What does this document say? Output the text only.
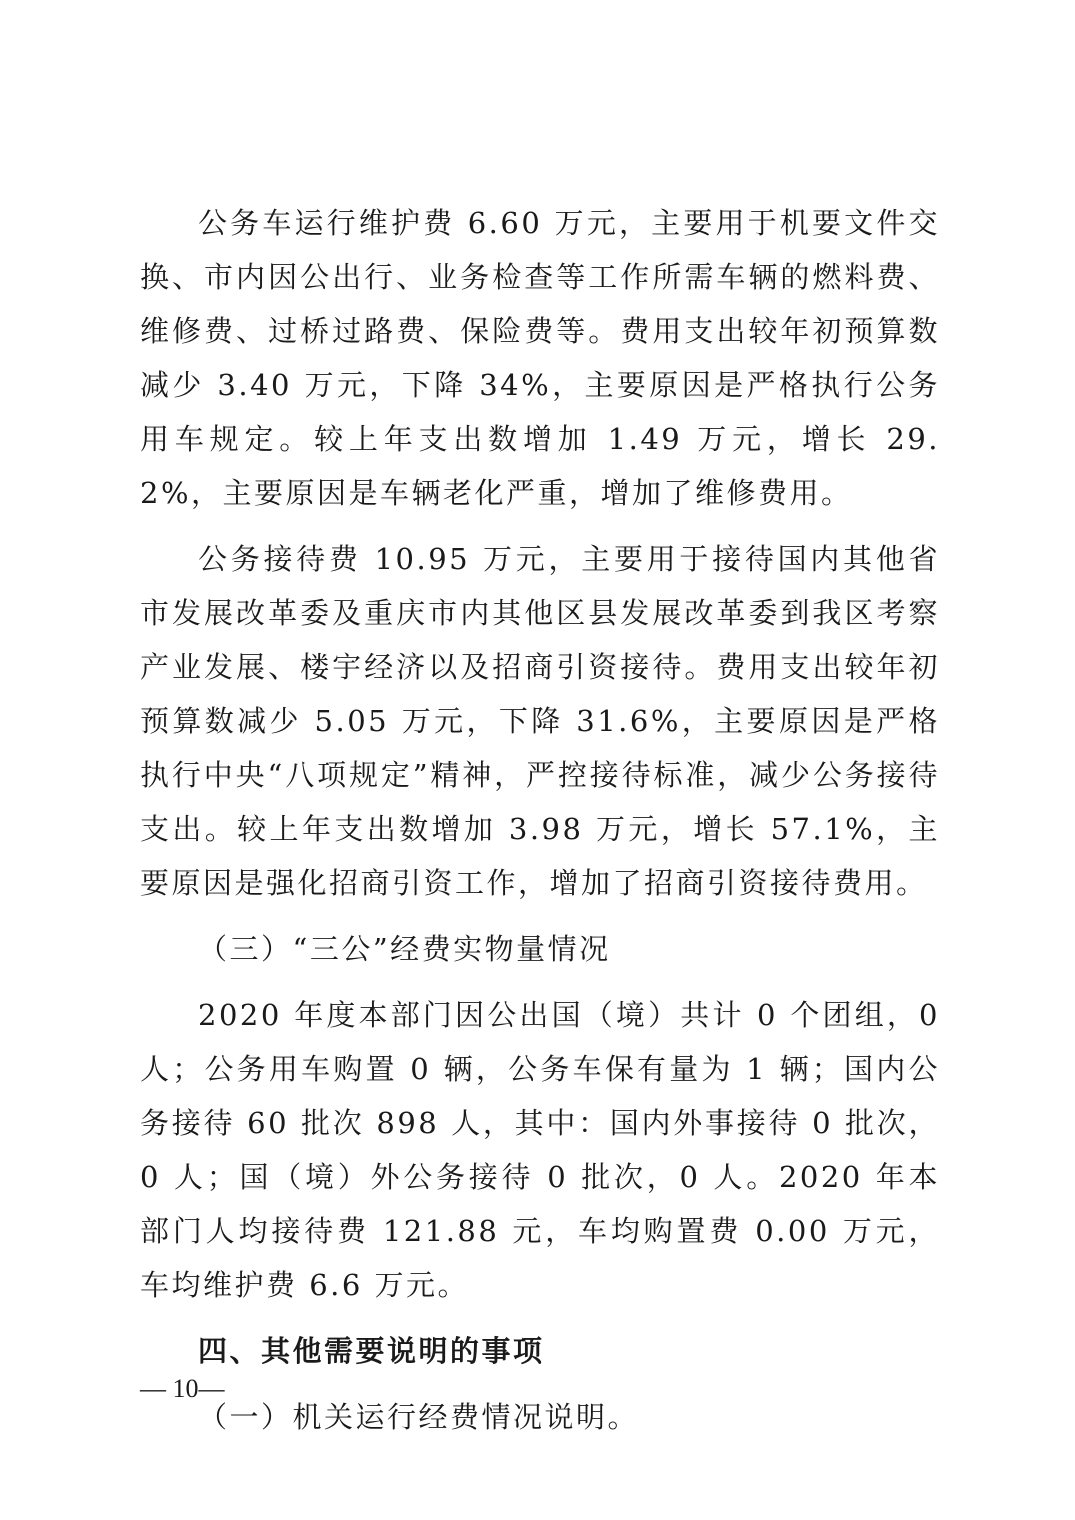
公务车运行维护费 6.60 万元，主要用于机要文件交换、市内因公出行、业务检查等工作所需车辆的燃料费、维修费、过桥过路费、保险费等。费用支出较年初预算数减少 3.40 万元，下降 34%，主要原因是严格执行公务用车规定。较上年支出数增加 1.49 万元，增长 29.2%，主要原因是车辆老化严重，增加了维修费用。

公务接待费 10.95 万元，主要用于接待国内其他省市发展改革委及重庆市内其他区县发展改革委到我区考察产业发展、楼宇经济以及招商引资接待。费用支出较年初预算数减少 5.05 万元，下降 31.6%，主要原因是严格执行中央“八项规定”精神，严控接待标准，减少公务接待支出。较上年支出数增加 3.98 万元，增长 57.1%，主要原因是强化招商引资工作，增加了招商引资接待费用。

（三）“三公”经费实物量情况

2020 年度本部门因公出国（境）共计 0 个团组，0 人；公务用车购置 0 辆，公务车保有量为 1 辆；国内公务接待 60 批次 898 人，其中：国内外事接待 0 批次，0 人；国（境）外公务接待 0 批次，0 人。2020 年本部门人均接待费 121.88 元，车均购置费 0.00 万元，车均维护费 6.6 万元。

四、其他需要说明的事项

（一）机关运行经费情况说明。

— 10—
